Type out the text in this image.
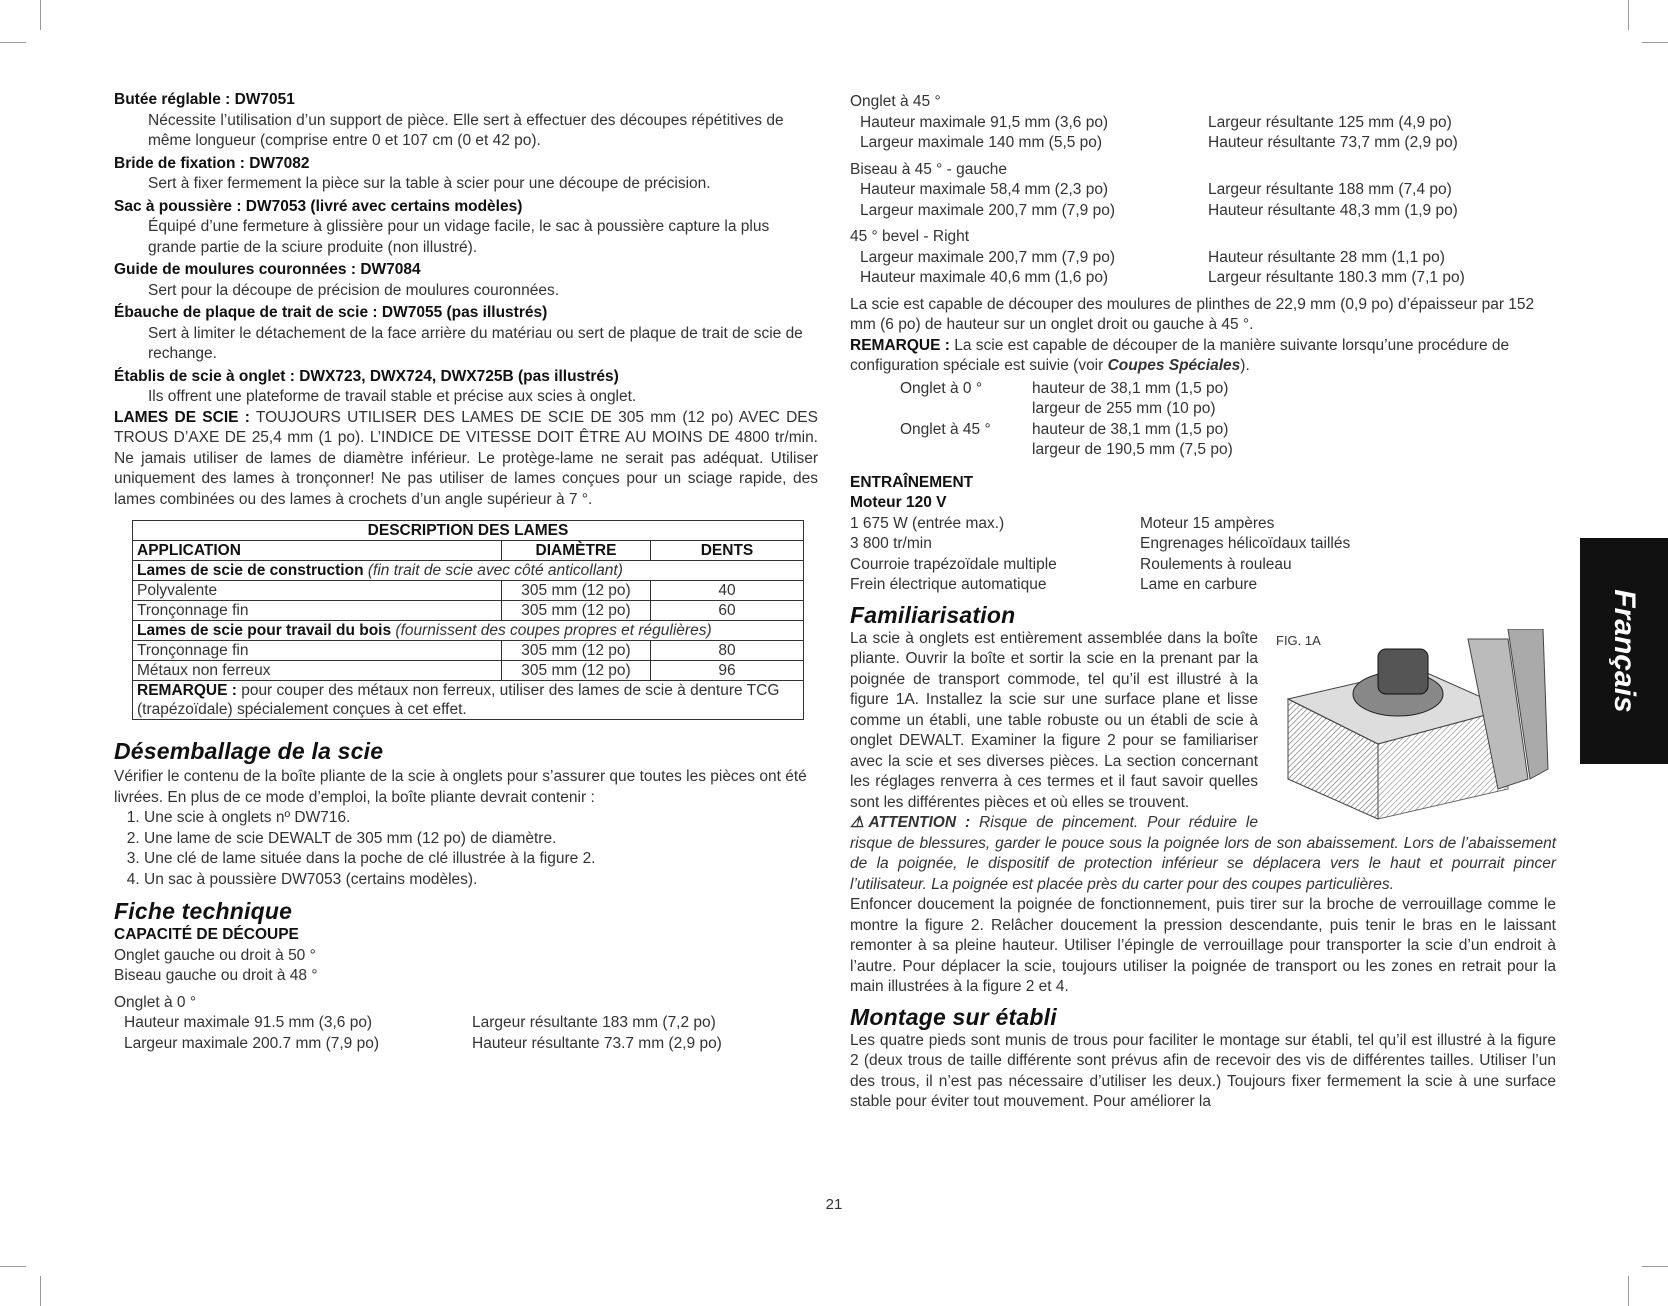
Butée réglable : DW7051
Nécessite l’utilisation d’un support de pièce. Elle sert à effectuer des découpes répétitives de même longueur (comprise entre 0 et 107 cm (0 et 42 po).
Bride de fixation : DW7082
Sert à fixer fermement la pièce sur la table à scier pour une découpe de précision.
Sac à poussière : DW7053 (livré avec certains modèles)
Équipé d’une fermeture à glissière pour un vidage facile, le sac à poussière capture la plus grande partie de la sciure produite (non illustré).
Guide de moulures couronnées : DW7084
Sert pour la découpe de précision de moulures couronnées.
Ébauche de plaque de trait de scie : DW7055 (pas illustrés)
Sert à limiter le détachement de la face arrière du matériau ou sert de plaque de trait de scie de rechange.
Établis de scie à onglet : DWX723, DWX724, DWX725B (pas illustrés)
Ils offrent une plateforme de travail stable et précise aux scies à onglet.

LAMES DE SCIE : TOUJOURS UTILISER DES LAMES DE SCIE DE 305 mm (12 po) AVEC DES TROUS D’AXE DE 25,4 mm (1 po). L’INDICE DE VITESSE DOIT ÊTRE AU MOINS DE 4800 tr/min. Ne jamais utiliser de lames de diamètre inférieur. Le protège-lame ne serait pas adéquat. Utiliser uniquement des lames à tronçonner! Ne pas utiliser de lames conçues pour un sciage rapide, des lames combinées ou des lames à crochets d’un angle supérieur à 7 °.

DESCRIPTION DES LAMES		
APPLICATION	DIAMÈTRE	DENTS
Lames de scie de construction (fin trait de scie avec côté anticollant)		
Polyvalente	305 mm (12 po)	40
Tronçonnage fin	305 mm (12 po)	60
Lames de scie pour travail du bois (fournissent des coupes propres et régulières)		
Tronçonnage fin	305 mm (12 po)	80
Métaux non ferreux	305 mm (12 po)	96
REMARQUE : pour couper des métaux non ferreux, utiliser des lames de scie à denture TCG (trapézoïdale) spécialement conçues à cet effet.		
Désemballage de la scie

Vérifier le contenu de la boîte pliante de la scie à onglets pour s’assurer que toutes les pièces ont été livrées. En plus de ce mode d’emploi, la boîte pliante devrait contenir :

1. Une scie à onglets nº DW716.
2. Une lame de scie DEWALT de 305 mm (12 po) de diamètre.
3. Une clé de lame située dans la poche de clé illustrée à la figure 2.
4. Un sac à poussière DW7053 (certains modèles).
Fiche technique
CAPACITÉ DE DÉCOUPE
Onglet gauche ou droit à 50 °
Biseau gauche ou droit à 48 °
Onglet à 0 °
Hauteur maximale 91.5 mm (3,6 po)	Largeur résultante 183 mm (7,2 po)
Largeur maximale 200.7 mm (7,9 po)	Hauteur résultante 73.7 mm (2,9 po)
Onglet à 45 °
Hauteur maximale 91,5 mm (3,6 po)	Largeur résultante 125 mm (4,9 po)
Largeur maximale 140 mm (5,5 po)	Hauteur résultante 73,7 mm (2,9 po)
Biseau à 45 ° - gauche
Hauteur maximale 58,4 mm (2,3 po)	Largeur résultante 188 mm (7,4 po)
Largeur maximale 200,7 mm (7,9 po)	Hauteur résultante 48,3 mm (1,9 po)
45 ° bevel - Right
Largeur maximale 200,7 mm (7,9 po)	Hauteur résultante 28 mm (1,1 po)
Hauteur maximale 40,6 mm (1,6 po)	Largeur résultante 180.3 mm (7,1 po)

La scie est capable de découper des moulures de plinthes de 22,9 mm (0,9 po) d’épaisseur par 152 mm (6 po) de hauteur sur un onglet droit ou gauche à 45 °.

REMARQUE : La scie est capable de découper de la manière suivante lorsqu’une procédure de configuration spéciale est suivie (voir Coupes Spéciales).

Onglet à 0 °	hauteur de 38,1 mm (1,5 po)
largeur de 255 mm (10 po)
Onglet à 45 °	hauteur de 38,1 mm (1,5 po)
largeur de 190,5 mm (7,5 po)
ENTRAÎNEMENT
Moteur 120 V
1 675 W (entrée max.)	Moteur 15 ampères
3 800 tr/min	Engrenages hélicoïdaux taillés
Courroie trapézoïdale multiple	Roulements à rouleau
Frein électrique automatique	Lame en carbure
Familiarisation
FIG. 1A

La scie à onglets est entièrement assemblée dans la boîte pliante. Ouvrir la boîte et sortir la scie en la prenant par la poignée de transport commode, tel qu’il est illustré à la figure 1A. Installez la scie sur une surface plane et lisse comme un établi, une table robuste ou un établi de scie à onglet DEWALT. Examiner la figure 2 pour se familiariser avec la scie et ses diverses pièces. La section concernant les réglages renverra à ces termes et il faut savoir quelles sont les différentes pièces et où elles se trouvent.

⚠ATTENTION : Risque de pincement. Pour réduire le risque de blessures, garder le pouce sous la poignée lors de son abaissement. Lors de l’abaissement de la poignée, le dispositif de protection inférieur se déplacera vers le haut et pourrait pincer l’utilisateur. La poignée est placée près du carter pour des coupes particulières.

Enfoncer doucement la poignée de fonctionnement, puis tirer sur la broche de verrouillage comme le montre la figure 2. Relâcher doucement la pression descendante, puis tenir le bras en le laissant remonter à sa pleine hauteur. Utiliser l’épingle de verrouillage pour transporter la scie d’un endroit à l’autre. Pour déplacer la scie, toujours utiliser la poignée de transport ou les zones en retrait pour la main illustrées à la figure 2 et 4.

Montage sur établi

Les quatre pieds sont munis de trous pour faciliter le montage sur établi, tel qu’il est illustré à la figure 2 (deux trous de taille différente sont prévus afin de recevoir des vis de différentes tailles. Utiliser l’un des trous, il n’est pas nécessaire d’utiliser les deux.) Toujours fixer fermement la scie à une surface stable pour éviter tout mouvement. Pour améliorer la

Français
21
